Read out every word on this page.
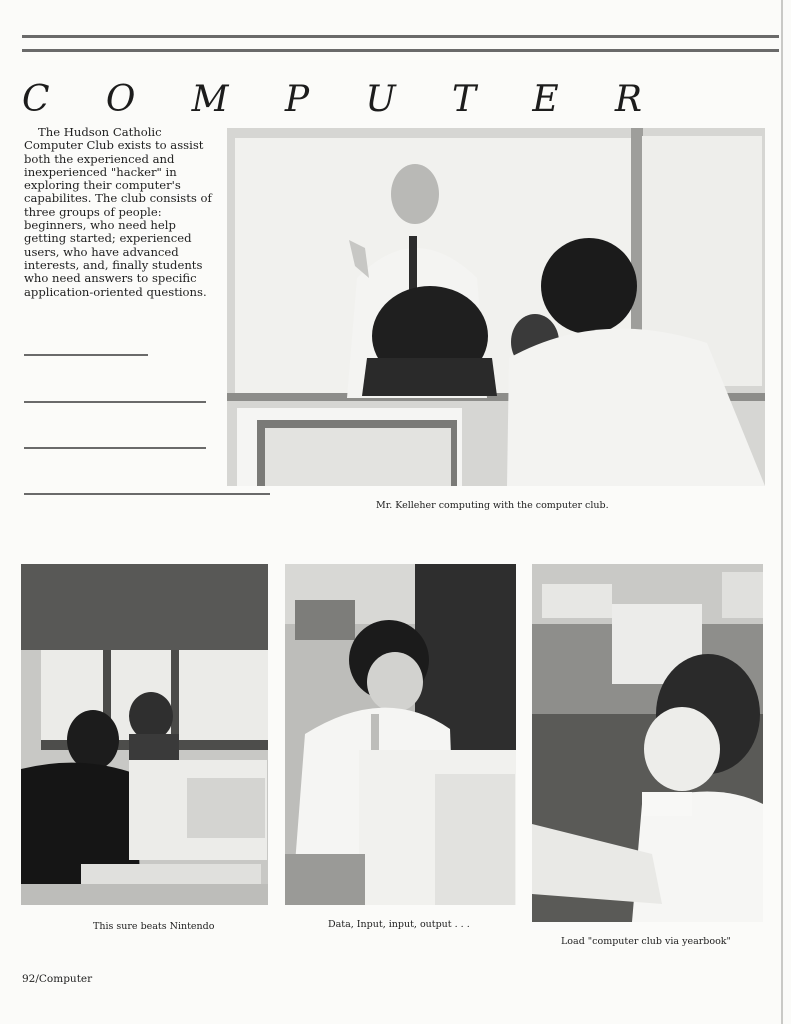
C O M P U T E R
The Hudson Catholic Computer Club exists to assist both the experienced and inexperienced "hacker" in exploring their computer's capabilites. The club consists of three groups of people: beginners, who need help getting started; experienced users, who have advanced interests, and, finally students who need answers to specific application-oriented questions.
Mr. Kelleher computing with the computer club.
This sure beats Nintendo	Data, Input, input, output . . .
Load "computer club via yearbook"
92/Computer
